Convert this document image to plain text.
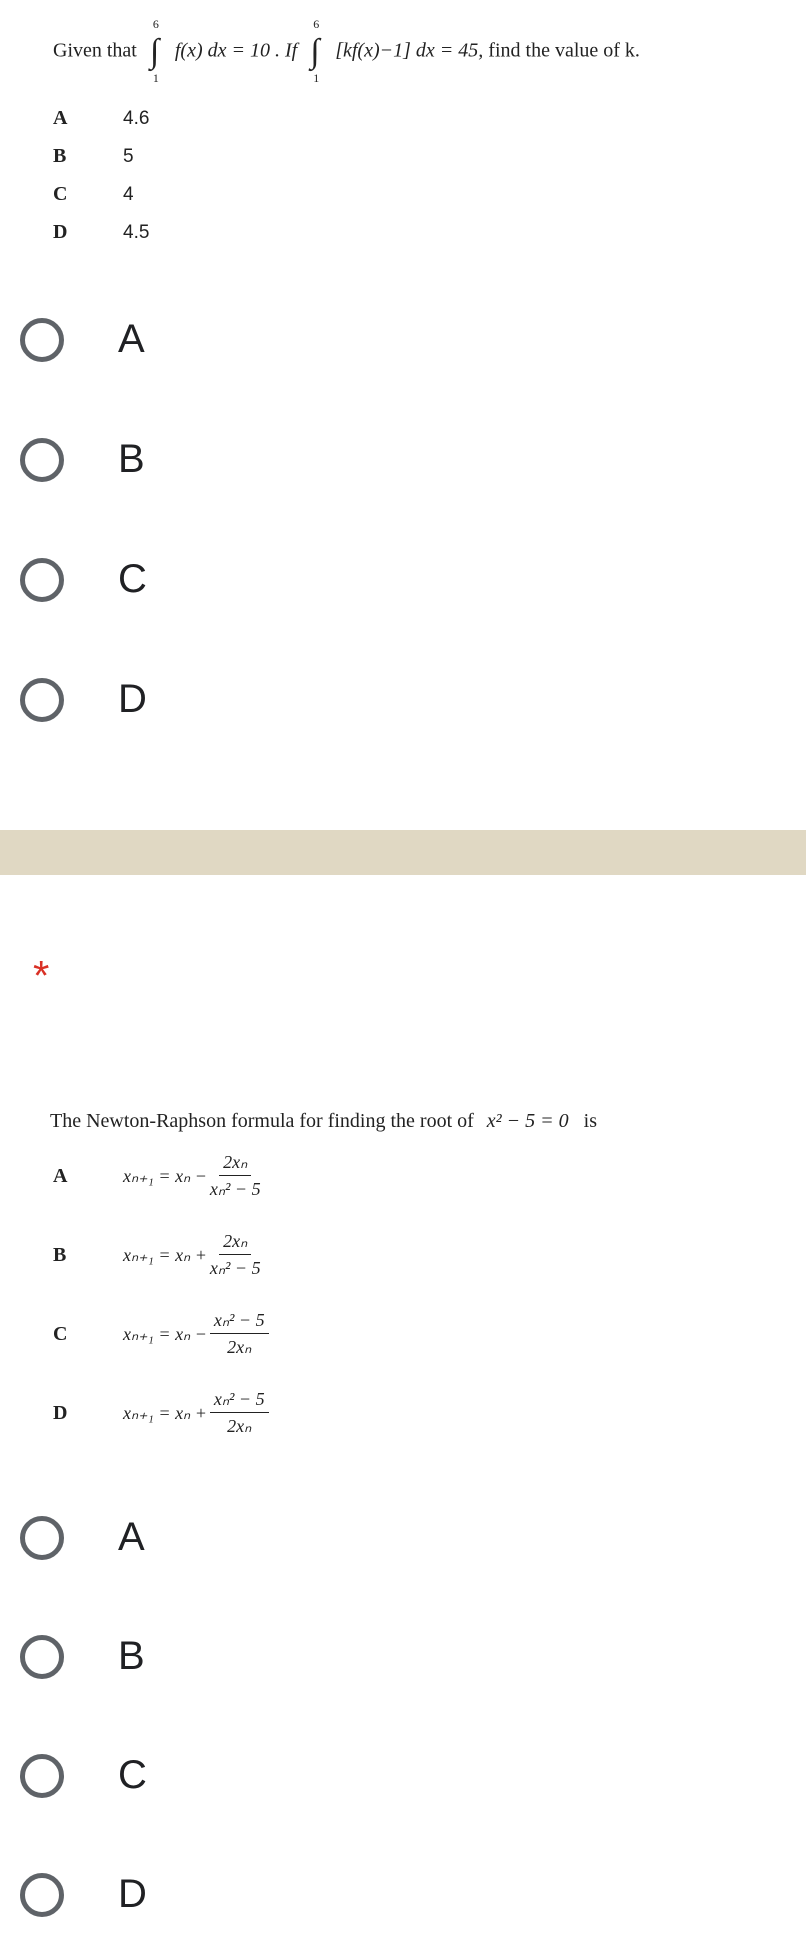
Given that
6
∫
1
f(x) dx = 10 . If
6
∫
1
[kf(x)−1] dx = 45, find the value of k.
A	4.6
B	5
C	4
D	4.5
A
B
C
D
*
The Newton-Raphson formula for finding the root of x² − 5 = 0 is
A	$x_{n+1} = x_n - \frac{\text{2xₙ}}{\text{xₙ² − 5}}$
B	$x_{n+1} = x_n + \frac{\text{2xₙ}}{\text{xₙ² − 5}}$
C	$x_{n+1} = x_n - \frac{\text{xₙ² − 5}}{\text{2xₙ}}$
D	$x_{n+1} = x_n + \frac{\text{xₙ² − 5}}{\text{2xₙ}}$
A
B
C
D
